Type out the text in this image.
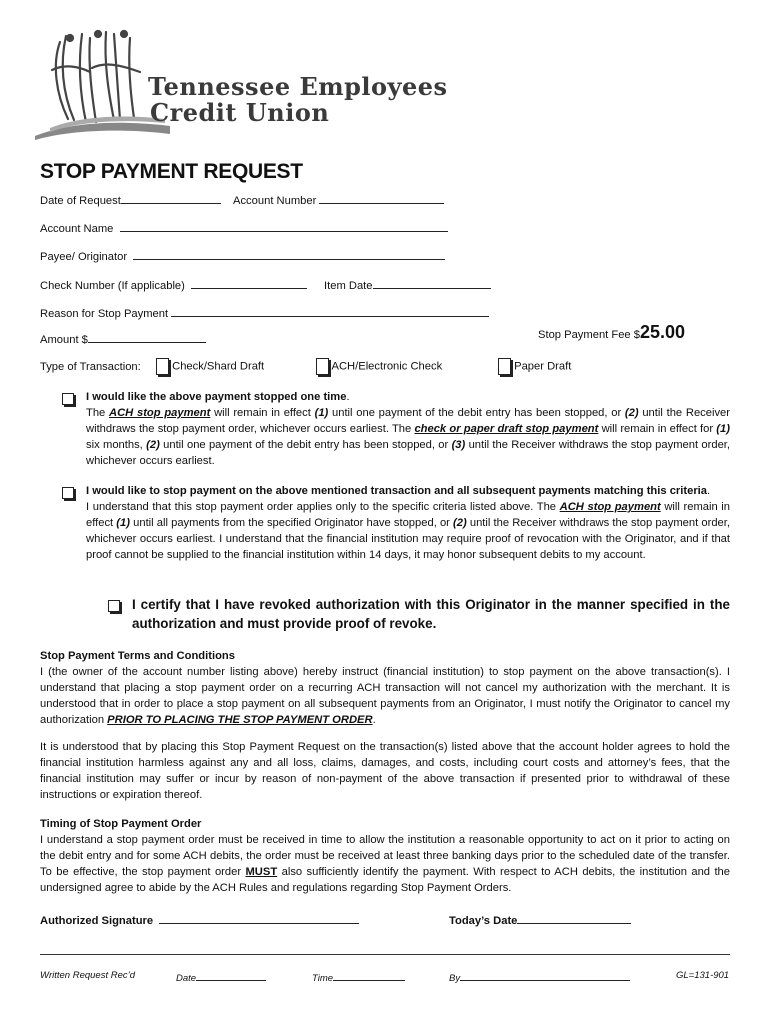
Tennessee Employees
Credit Union
STOP PAYMENT REQUEST
Date of Request	Account Number
Account Name
Payee/ Originator
Check Number (If applicable)	Item Date
Reason for Stop Payment
Amount $	Stop Payment Fee $25.00
Type of Transaction:	Check/Shard Draft	ACH/Electronic Check	Paper Draft

I would like the above payment stopped one time.
The ACH stop payment will remain in effect (1) until one payment of the debit entry has been stopped, or (2) until the Receiver withdraws the stop payment order, whichever occurs earliest. The check or paper draft stop payment will remain in effect for (1) six months, (2) until one payment of the debit entry has been stopped, or (3) until the Receiver withdraws the stop payment order, whichever occurs earliest.

I would like to stop payment on the above mentioned transaction and all subsequent payments matching this criteria.
I understand that this stop payment order applies only to the specific criteria listed above. The ACH stop payment will remain in effect (1) until all payments from the specified Originator have stopped, or (2) until the Receiver withdraws the stop payment order, whichever occurs earliest. I understand that the financial institution may require proof of revocation with the Originator, and if that proof cannot be supplied to the financial institution within 14 days, it may honor subsequent debits to my account.

I certify that I have revoked authorization with this Originator in the manner specified in the authorization and must provide proof of revoke.

Stop Payment Terms and Conditions

I (the owner of the account number listing above) hereby instruct (financial institution) to stop payment on the above transaction(s). I understand that placing a stop payment order on a recurring ACH transaction will not cancel my authorization with the merchant. It is understood that in order to place a stop payment on all subsequent payments from an Originator, I must notify the Originator to cancel my authorization PRIOR TO PLACING THE STOP PAYMENT ORDER.

It is understood that by placing this Stop Payment Request on the transaction(s) listed above that the account holder agrees to hold the financial institution harmless against any and all loss, claims, damages, and costs, including court costs and attorney’s fees, that the financial institution may suffer or incur by reason of non-payment of the above transaction if presented prior to withdrawal of these instructions or expiration thereof.

Timing of Stop Payment Order

I understand a stop payment order must be received in time to allow the institution a reasonable opportunity to act on it prior to acting on the debit entry and for some ACH debits, the order must be received at least three banking days prior to the scheduled date of the transfer. To be effective, the stop payment order MUST also sufficiently identify the payment. With respect to ACH debits, the institution and the undersigned agree to abide by the ACH Rules and regulations regarding Stop Payment Orders.

Authorized Signature	Today’s Date
Written Request Rec’d	Date	Time	By	GL=131-901
